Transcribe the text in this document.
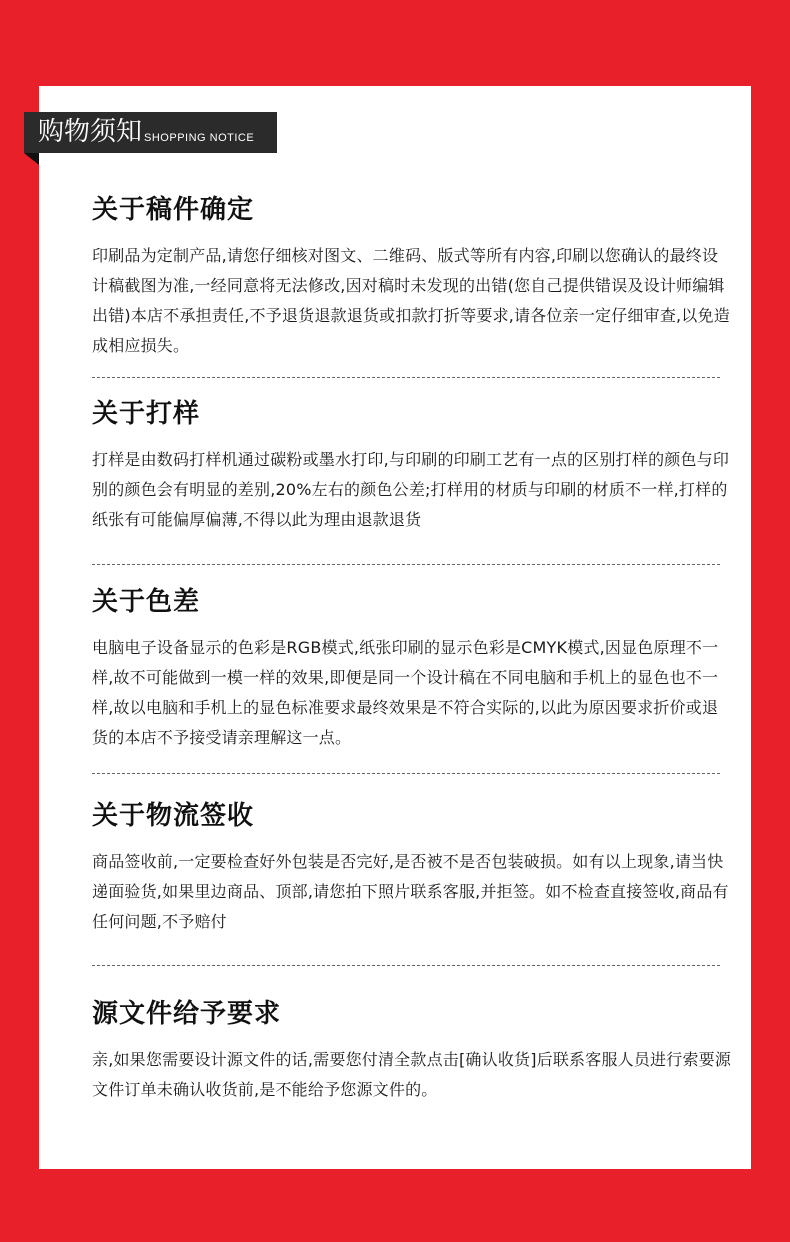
购物须知 SHOPPING NOTICE
关于稿件确定

印刷品为定制产品,请您仔细核对图文、二维码、版式等所有内容,印刷以您确认的最终设计稿截图为准,一经同意将无法修改,因对稿时未发现的出错(您自己提供错误及设计师编辑出错)本店不承担责任,不予退货退款退货或扣款打折等要求,请各位亲一定仔细审查,以免造成相应损失。

关于打样

打样是由数码打样机通过碳粉或墨水打印,与印刷的印刷工艺有一点的区别打样的颜色与印别的颜色会有明显的差别,20%左右的颜色公差;打样用的材质与印刷的材质不一样,打样的纸张有可能偏厚偏薄,不得以此为理由退款退货

关于色差

电脑电子设备显示的色彩是RGB模式,纸张印刷的显示色彩是CMYK模式,因显色原理不一样,故不可能做到一模一样的效果,即便是同一个设计稿在不同电脑和手机上的显色也不一样,故以电脑和手机上的显色标准要求最终效果是不符合实际的,以此为原因要求折价或退货的本店不予接受请亲理解这一点。

关于物流签收

商品签收前,一定要检查好外包装是否完好,是否被不是否包装破损。如有以上现象,请当快递面验货,如果里边商品、顶部,请您拍下照片联系客服,并拒签。如不检查直接签收,商品有任何问题,不予赔付

源文件给予要求

亲,如果您需要设计源文件的话,需要您付清全款点击[确认收货]后联系客服人员进行索要源文件订单未确认收货前,是不能给予您源文件的。
